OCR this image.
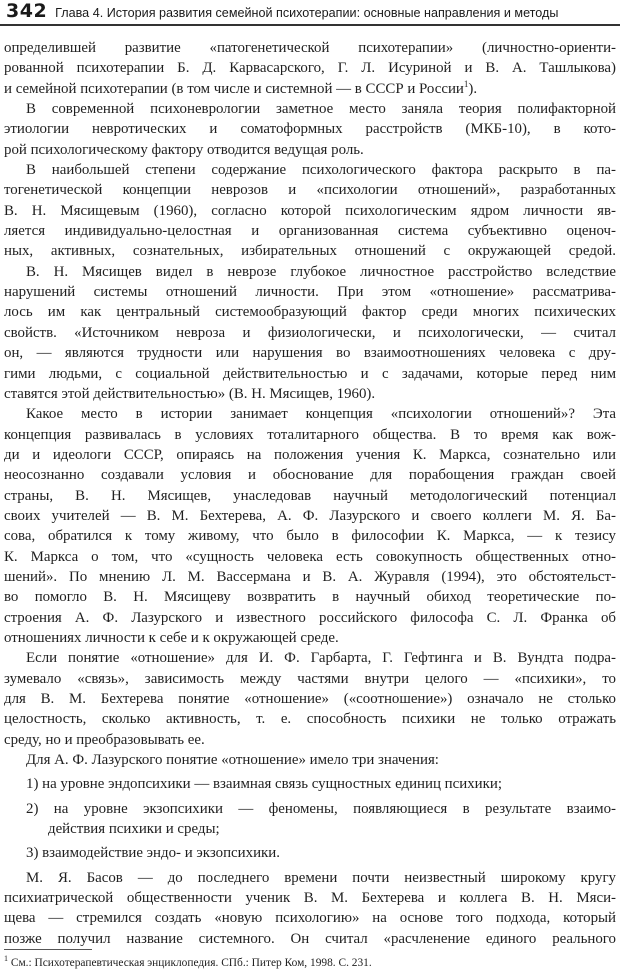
342 Глава 4. История развития семейной психотерапии: основные направления и методы
определившей развитие «патогенетической психотерапии» (личностно-ориенти-
рованной психотерапии Б. Д. Карвасарского, Г. Л. Исуриной и В. А. Ташлыкова)
и семейной психотерапии (в том числе и системной — в СССР и России$^1$).
В современной психоневрологии заметное место заняла теория полифакторной
этиологии невротических и соматоформных расстройств (МКБ-10), в кото-
рой психологическому фактору отводится ведущая роль.
В наибольшей степени содержание психологического фактора раскрыто в па-
тогенетической концепции неврозов и «психологии отношений», разработанных
В. Н. Мясищевым (1960), согласно которой психологическим ядром личности яв-
ляется индивидуально-целостная и организованная система субъективно оценоч-
ных, активных, сознательных, избирательных отношений с окружающей средой.
В. Н. Мясищев видел в неврозе глубокое личностное расстройство вследствие
нарушений системы отношений личности. При этом «отношение» рассматрива-
лось им как центральный системообразующий фактор среди многих психических
свойств. «Источником невроза и физиологически, и психологически, — считал
он, — являются трудности или нарушения во взаимоотношениях человека с дру-
гими людьми, с социальной действительностью и с задачами, которые перед ним
ставятся этой действительностью» (В. Н. Мясищев, 1960).
Какое место в истории занимает концепция «психологии отношений»? Эта
концепция развивалась в условиях тоталитарного общества. В то время как вож-
ди и идеологи СССР, опираясь на положения учения К. Маркса, сознательно или
неосознанно создавали условия и обоснование для порабощения граждан своей
страны, В. Н. Мясищев, унаследовав научный методологический потенциал
своих учителей — В. М. Бехтерева, А. Ф. Лазурского и своего коллеги М. Я. Ба-
сова, обратился к тому живому, что было в философии К. Маркса, — к тезису
К. Маркса о том, что «сущность человека есть совокупность общественных отно-
шений». По мнению Л. М. Вассермана и В. А. Журавля (1994), это обстоятельст-
во помогло В. Н. Мясищеву возвратить в научный обиход теоретические по-
строения А. Ф. Лазурского и известного российского философа С. Л. Франка об
отношениях личности к себе и к окружающей среде.
Если понятие «отношение» для И. Ф. Гарбарта, Г. Гефтинга и В. Вундта подра-
зумевало «связь», зависимость между частями внутри целого — «психики», то
для В. М. Бехтерева понятие «отношение» («соотношение») означало не столько
целостность, сколько активность, т. е. способность психики не только отражать
среду, но и преобразовывать ее.
Для А. Ф. Лазурского понятие «отношение» имело три значения:
1) на уровне эндопсихики — взаимная связь сущностных единиц психики;
2) на уровне экзопсихики — феномены, появляющиеся в результате взаимо-
действия психики и среды;
3) взаимодействие эндо- и экзопсихики.
М. Я. Басов — до последнего времени почти неизвестный широкому кругу
психиатрической общественности ученик В. М. Бехтерева и коллега В. Н. Мяси-
щева — стремился создать «новую психологию» на основе того подхода, который
позже получил название системного. Он считал «расчленение единого реального
$^1$ См.: Психотерапевтическая энциклопедия. СПб.: Питер Ком, 1998. С. 231.
